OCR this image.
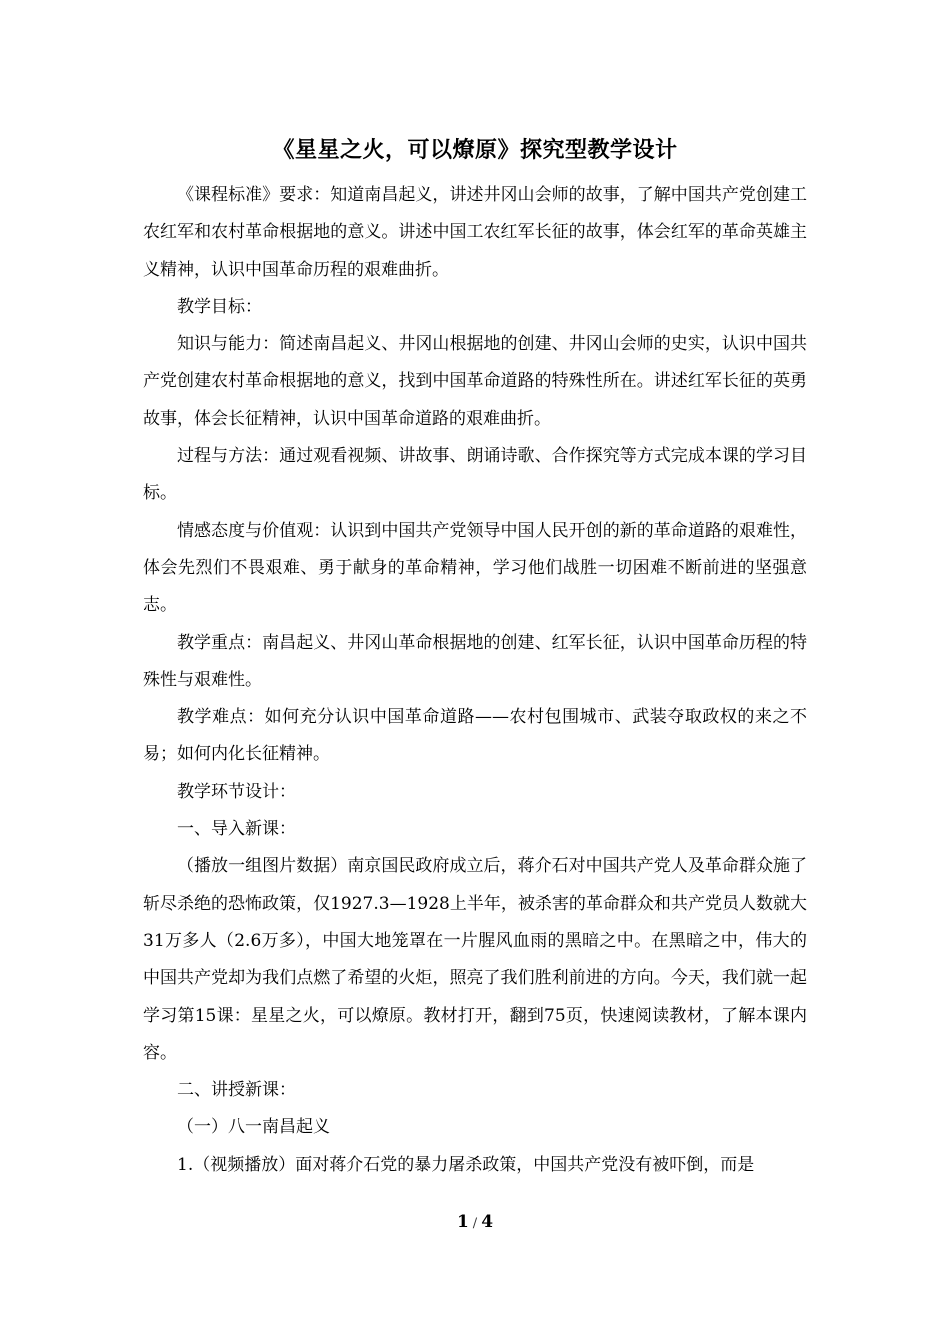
《星星之火，可以燎原》探究型教学设计

《课程标准》要求：知道南昌起义，讲述井冈山会师的故事，了解中国共产党创建工农红军和农村革命根据地的意义。讲述中国工农红军长征的故事，体会红军的革命英雄主义精神，认识中国革命历程的艰难曲折。

教学目标：

知识与能力：简述南昌起义、井冈山根据地的创建、井冈山会师的史实，认识中国共产党创建农村革命根据地的意义，找到中国革命道路的特殊性所在。讲述红军长征的英勇故事，体会长征精神，认识中国革命道路的艰难曲折。

过程与方法：通过观看视频、讲故事、朗诵诗歌、合作探究等方式完成本课的学习目标。

情感态度与价值观：认识到中国共产党领导中国人民开创的新的革命道路的艰难性，体会先烈们不畏艰难、勇于献身的革命精神，学习他们战胜一切困难不断前进的坚强意志。

教学重点：南昌起义、井冈山革命根据地的创建、红军长征，认识中国革命历程的特殊性与艰难性。

教学难点：如何充分认识中国革命道路——农村包围城市、武装夺取政权的来之不易；如何内化长征精神。

教学环节设计：

一、导入新课：

（播放一组图片数据）南京国民政府成立后，蒋介石对中国共产党人及革命群众施了斩尽杀绝的恐怖政策，仅1927.3—1928上半年，被杀害的革命群众和共产党员人数就大31万多人（2.6万多），中国大地笼罩在一片腥风血雨的黑暗之中。在黑暗之中，伟大的中国共产党却为我们点燃了希望的火炬，照亮了我们胜利前进的方向。今天，我们就一起学习第15课：星星之火，可以燎原。教材打开，翻到75页，快速阅读教材，了解本课内容。

二、讲授新课：

（一）八一南昌起义

1.（视频播放）面对蒋介石党的暴力屠杀政策，中国共产党没有被吓倒，而是

1 / 4
